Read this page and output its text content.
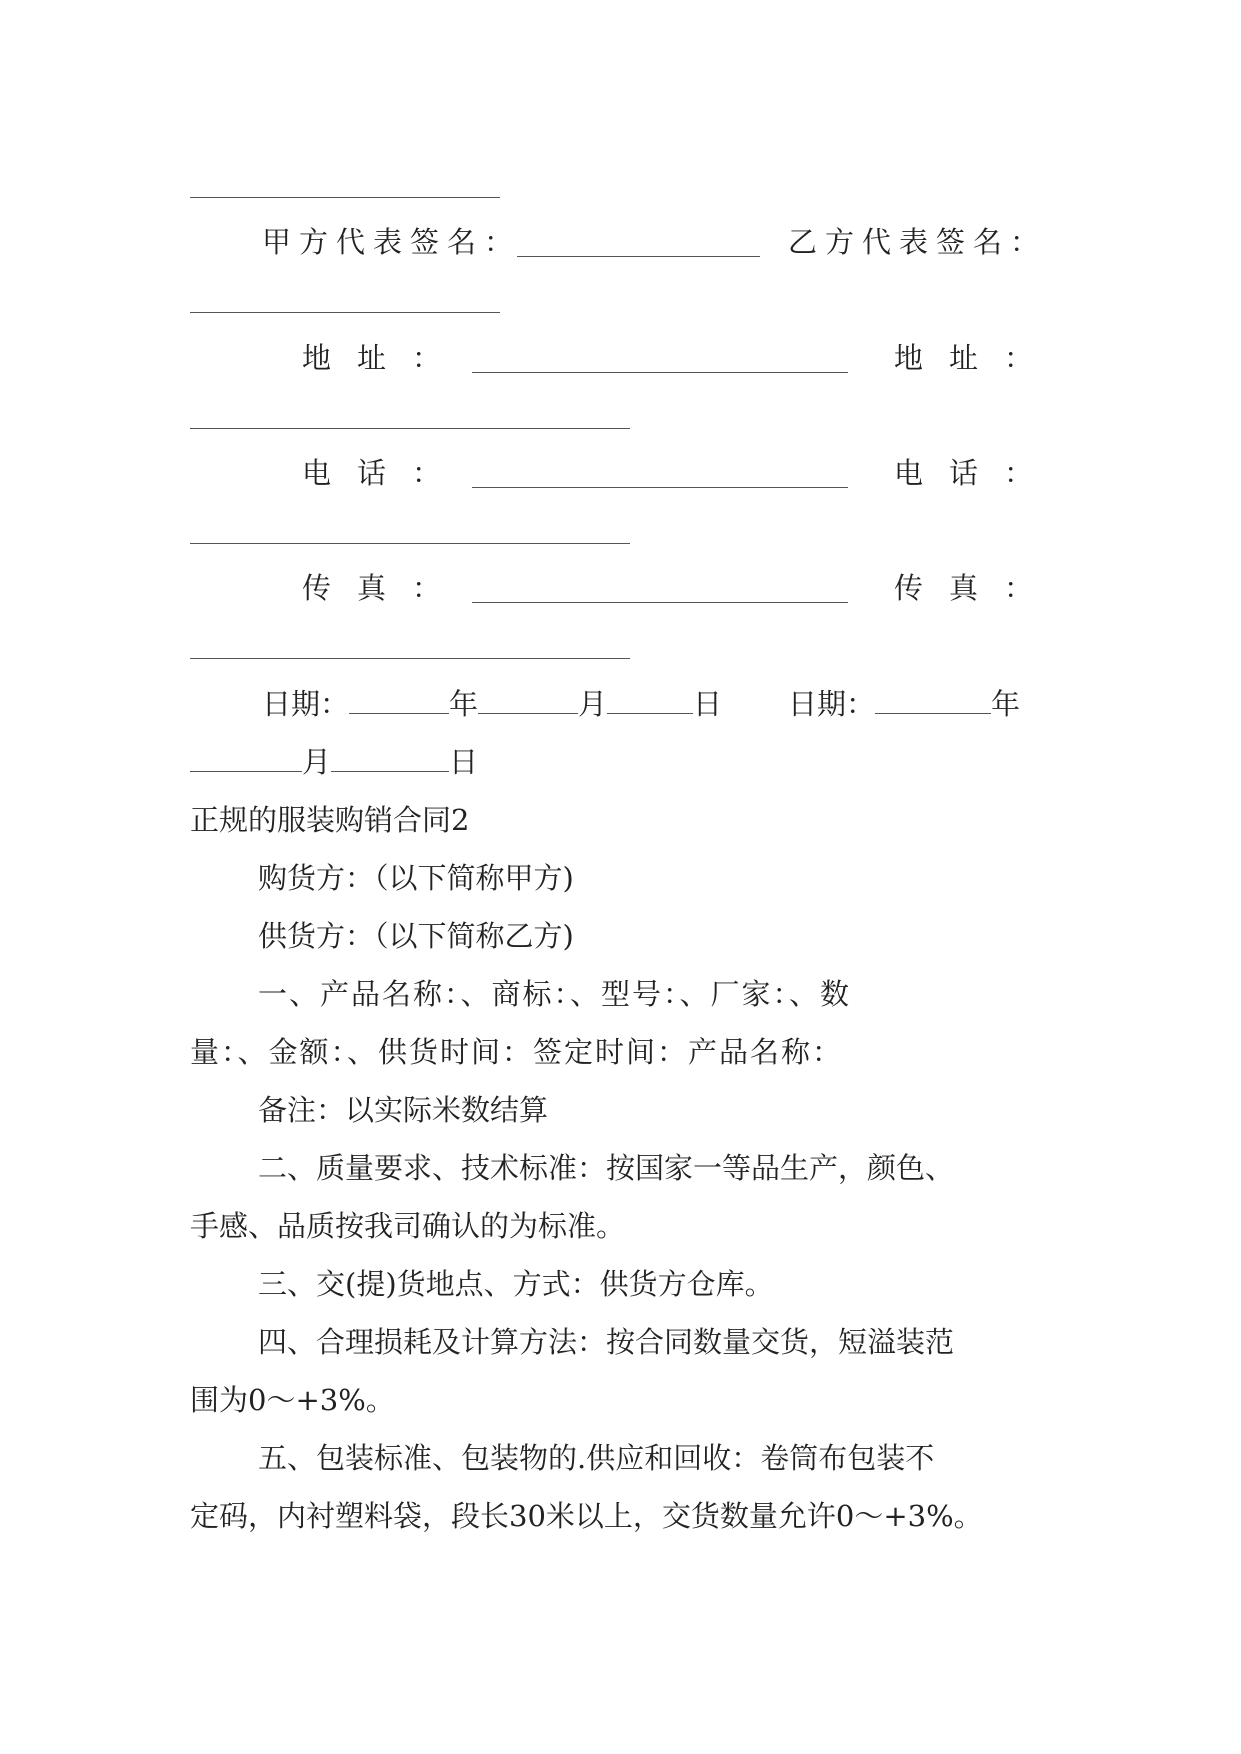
甲方代表签名：	乙方代表签名：
地址：	地址：
电话：	电话：
传真：	传真：
日期：	年	月	日 日期：	年
月	日
正规的服装购销合同2
购货方：（以下简称甲方)
供货方：（以下简称乙方)
一、产品名称：、商标：、型号：、厂家：、数
量：、金额：、供货时间：签定时间：产品名称：
备注：以实际米数结算
二、质量要求、技术标准：按国家一等品生产，颜色、
手感、品质按我司确认的为标准。
三、交(提)货地点、方式：供货方仓库。
四、合理损耗及计算方法：按合同数量交货，短溢装范
围为0～+3%。
五、包装标准、包装物的.供应和回收：卷筒布包装不
定码，内衬塑料袋，段长30米以上，交货数量允许0～+3%。
